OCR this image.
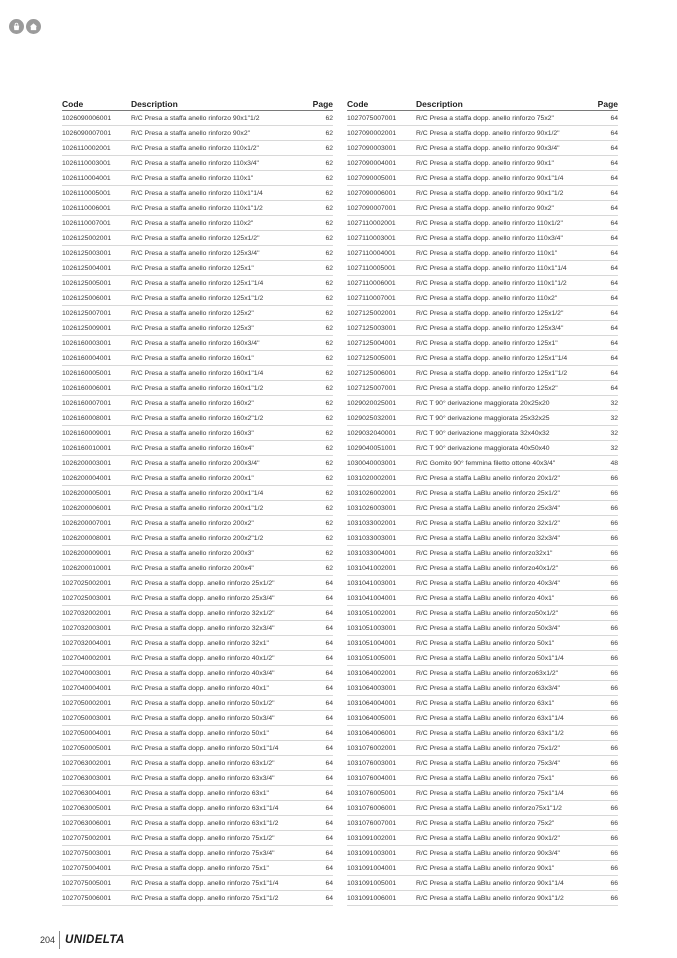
Code	Description	Page
1026090006001	R/C Presa a staffa anello rinforzo 90x1"1/2	62
1026090007001	R/C Presa a staffa anello rinforzo 90x2"	62
1026110002001	R/C Presa a staffa anello rinforzo 110x1/2"	62
1026110003001	R/C Presa a staffa anello rinforzo 110x3/4"	62
1026110004001	R/C Presa a staffa anello rinforzo 110x1"	62
1026110005001	R/C Presa a staffa anello rinforzo 110x1"1/4	62
1026110006001	R/C Presa a staffa anello rinforzo 110x1"1/2	62
1026110007001	R/C Presa a staffa anello rinforzo 110x2"	62
1026125002001	R/C Presa a staffa anello rinforzo 125x1/2"	62
1026125003001	R/C Presa a staffa anello rinforzo 125x3/4"	62
1026125004001	R/C Presa a staffa anello rinforzo 125x1"	62
1026125005001	R/C Presa a staffa anello rinforzo 125x1"1/4	62
1026125006001	R/C Presa a staffa anello rinforzo 125x1"1/2	62
1026125007001	R/C Presa a staffa anello rinforzo 125x2"	62
1026125009001	R/C Presa a staffa anello rinforzo 125x3"	62
1026160003001	R/C Presa a staffa anello rinforzo 160x3/4"	62
1026160004001	R/C Presa a staffa anello rinforzo 160x1"	62
1026160005001	R/C Presa a staffa anello rinforzo 160x1"1/4	62
1026160006001	R/C Presa a staffa anello rinforzo 160x1"1/2	62
1026160007001	R/C Presa a staffa anello rinforzo 160x2"	62
1026160008001	R/C Presa a staffa anello rinforzo 160x2"1/2	62
1026160009001	R/C Presa a staffa anello rinforzo 160x3"	62
1026160010001	R/C Presa a staffa anello rinforzo 160x4"	62
1026200003001	R/C Presa a staffa anello rinforzo 200x3/4"	62
1026200004001	R/C Presa a staffa anello rinforzo 200x1"	62
1026200005001	R/C Presa a staffa anello rinforzo 200x1"1/4	62
1026200006001	R/C Presa a staffa anello rinforzo 200x1"1/2	62
1026200007001	R/C Presa a staffa anello rinforzo 200x2"	62
1026200008001	R/C Presa a staffa anello rinforzo 200x2"1/2	62
1026200009001	R/C Presa a staffa anello rinforzo 200x3"	62
1026200010001	R/C Presa a staffa anello rinforzo 200x4"	62
1027025002001	R/C Presa a staffa dopp. anello rinforzo 25x1/2"	64
1027025003001	R/C Presa a staffa dopp. anello rinforzo 25x3/4"	64
1027032002001	R/C Presa a staffa dopp. anello rinforzo 32x1/2"	64
1027032003001	R/C Presa a staffa dopp. anello rinforzo 32x3/4"	64
1027032004001	R/C Presa a staffa dopp. anello rinforzo 32x1"	64
1027040002001	R/C Presa a staffa dopp. anello rinforzo 40x1/2"	64
1027040003001	R/C Presa a staffa dopp. anello rinforzo 40x3/4"	64
1027040004001	R/C Presa a staffa dopp. anello rinforzo 40x1"	64
1027050002001	R/C Presa a staffa dopp. anello rinforzo 50x1/2"	64
1027050003001	R/C Presa a staffa dopp. anello rinforzo 50x3/4"	64
1027050004001	R/C Presa a staffa dopp. anello rinforzo 50x1"	64
1027050005001	R/C Presa a staffa dopp. anello rinforzo 50x1"1/4	64
1027063002001	R/C Presa a staffa dopp. anello rinforzo 63x1/2"	64
1027063003001	R/C Presa a staffa dopp. anello rinforzo 63x3/4"	64
1027063004001	R/C Presa a staffa dopp. anello rinforzo 63x1"	64
1027063005001	R/C Presa a staffa dopp. anello rinforzo 63x1"1/4	64
1027063006001	R/C Presa a staffa dopp. anello rinforzo 63x1"1/2	64
1027075002001	R/C Presa a staffa dopp. anello rinforzo 75x1/2"	64
1027075003001	R/C Presa a staffa dopp. anello rinforzo 75x3/4"	64
1027075004001	R/C Presa a staffa dopp. anello rinforzo 75x1"	64
1027075005001	R/C Presa a staffa dopp. anello rinforzo 75x1"1/4	64
1027075006001	R/C Presa a staffa dopp. anello rinforzo 75x1"1/2	64
Code	Description	Page
1027075007001	R/C Presa a staffa dopp. anello rinforzo 75x2"	64
1027090002001	R/C Presa a staffa dopp. anello rinforzo 90x1/2"	64
1027090003001	R/C Presa a staffa dopp. anello rinforzo 90x3/4"	64
1027090004001	R/C Presa a staffa dopp. anello rinforzo 90x1"	64
1027090005001	R/C Presa a staffa dopp. anello rinforzo 90x1"1/4	64
1027090006001	R/C Presa a staffa dopp. anello rinforzo 90x1"1/2	64
1027090007001	R/C Presa a staffa dopp. anello rinforzo 90x2"	64
1027110002001	R/C Presa a staffa dopp. anello rinforzo 110x1/2"	64
1027110003001	R/C Presa a staffa dopp. anello rinforzo 110x3/4"	64
1027110004001	R/C Presa a staffa dopp. anello rinforzo 110x1"	64
1027110005001	R/C Presa a staffa dopp. anello rinforzo 110x1"1/4	64
1027110006001	R/C Presa a staffa dopp. anello rinforzo 110x1"1/2	64
1027110007001	R/C Presa a staffa dopp. anello rinforzo 110x2"	64
1027125002001	R/C Presa a staffa dopp. anello rinforzo 125x1/2"	64
1027125003001	R/C Presa a staffa dopp. anello rinforzo 125x3/4"	64
1027125004001	R/C Presa a staffa dopp. anello rinforzo 125x1"	64
1027125005001	R/C Presa a staffa dopp. anello rinforzo 125x1"1/4	64
1027125006001	R/C Presa a staffa dopp. anello rinforzo 125x1"1/2	64
1027125007001	R/C Presa a staffa dopp. anello rinforzo 125x2"	64
1029020025001	R/C T 90° derivazione maggiorata 20x25x20	32
1029025032001	R/C T 90° derivazione maggiorata 25x32x25	32
1029032040001	R/C T 90° derivazione maggiorata 32x40x32	32
1029040051001	R/C T 90° derivazione maggiorata 40x50x40	32
1030040003001	R/C Gomito 90° femmina filetto ottone 40x3/4"	48
1031020002001	R/C Presa a staffa LaBlu anello rinforzo 20x1/2"	66
1031026002001	R/C Presa a staffa LaBlu anello rinforzo 25x1/2"	66
1031026003001	R/C Presa a staffa LaBlu anello rinforzo 25x3/4"	66
1031033002001	R/C Presa a staffa LaBlu anello rinforzo 32x1/2"	66
1031033003001	R/C Presa a staffa LaBlu anello rinforzo 32x3/4"	66
1031033004001	R/C Presa a staffa LaBlu anello rinforzo32x1"	66
1031041002001	R/C Presa a staffa LaBlu anello rinforzo40x1/2"	66
1031041003001	R/C Presa a staffa LaBlu anello rinforzo 40x3/4"	66
1031041004001	R/C Presa a staffa LaBlu anello rinforzo 40x1"	66
1031051002001	R/C Presa a staffa LaBlu anello rinforzo50x1/2"	66
1031051003001	R/C Presa a staffa LaBlu anello rinforzo 50x3/4"	66
1031051004001	R/C Presa a staffa LaBlu anello rinforzo 50x1"	66
1031051005001	R/C Presa a staffa LaBlu anello rinforzo 50x1"1/4	66
1031064002001	R/C Presa a staffa LaBlu anello rinforzo63x1/2"	66
1031064003001	R/C Presa a staffa LaBlu anello rinforzo 63x3/4"	66
1031064004001	R/C Presa a staffa LaBlu anello rinforzo 63x1"	66
1031064005001	R/C Presa a staffa LaBlu anello rinforzo 63x1"1/4	66
1031064006001	R/C Presa a staffa LaBlu anello rinforzo 63x1"1/2	66
1031076002001	R/C Presa a staffa LaBlu anello rinforzo 75x1/2"	66
1031076003001	R/C Presa a staffa LaBlu anello rinforzo 75x3/4"	66
1031076004001	R/C Presa a staffa LaBlu anello rinforzo 75x1"	66
1031076005001	R/C Presa a staffa LaBlu anello rinforzo 75x1"1/4	66
1031076006001	R/C Presa a staffa LaBlu anello rinforzo75x1"1/2	66
1031076007001	R/C Presa a staffa LaBlu anello rinforzo 75x2"	66
1031091002001	R/C Presa a staffa LaBlu anello rinforzo 90x1/2"	66
1031091003001	R/C Presa a staffa LaBlu anello rinforzo 90x3/4"	66
1031091004001	R/C Presa a staffa LaBlu anello rinforzo 90x1"	66
1031091005001	R/C Presa a staffa LaBlu anello rinforzo 90x1"1/4	66
1031091006001	R/C Presa a staffa LaBlu anello rinforzo 90x1"1/2	66
204 UNIDELTA
